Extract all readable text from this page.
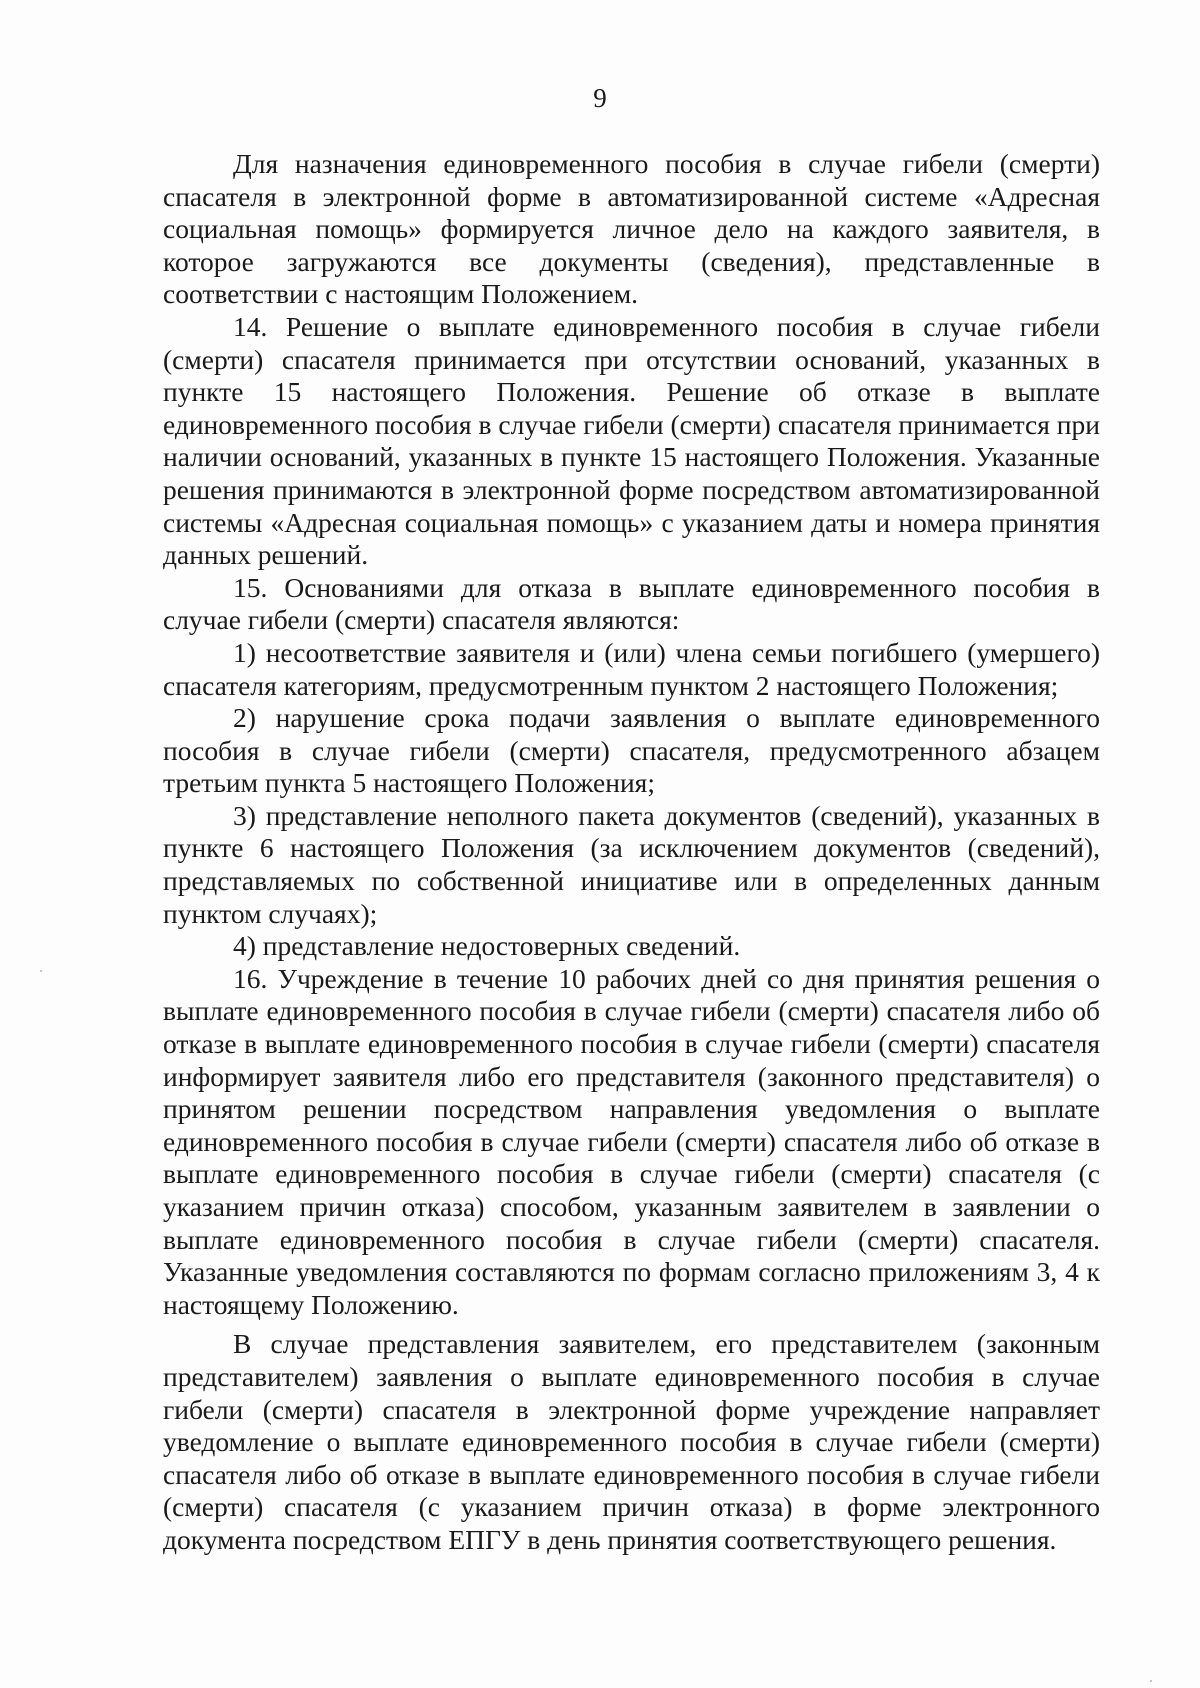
9

Для назначения единовременного пособия в случае гибели (смерти) спасателя в электронной форме в автоматизированной системе «Адресная социальная помощь» формируется личное дело на каждого заявителя, в которое загружаются все документы (сведения), представленные в соответствии с настоящим Положением.

14. Решение о выплате единовременного пособия в случае гибели (смерти) спасателя принимается при отсутствии оснований, указанных в пункте 15 настоящего Положения. Решение об отказе в выплате единовременного пособия в случае гибели (смерти) спасателя принимается при наличии оснований, указанных в пункте 15 настоящего Положения. Указанные решения принимаются в электронной форме посредством автоматизированной системы «Адресная социальная помощь» с указанием даты и номера принятия данных решений.

15. Основаниями для отказа в выплате единовременного пособия в случае гибели (смерти) спасателя являются:

1) несоответствие заявителя и (или) члена семьи погибшего (умершего) спасателя категориям, предусмотренным пунктом 2 настоящего Положения;

2) нарушение срока подачи заявления о выплате единовременного пособия в случае гибели (смерти) спасателя, предусмотренного абзацем третьим пункта 5 настоящего Положения;

3) представление неполного пакета документов (сведений), указанных в пункте 6 настоящего Положения (за исключением документов (сведений), представляемых по собственной инициативе или в определенных данным пунктом случаях);

4) представление недостоверных сведений.

16. Учреждение в течение 10 рабочих дней со дня принятия решения о выплате единовременного пособия в случае гибели (смерти) спасателя либо об отказе в выплате единовременного пособия в случае гибели (смерти) спасателя информирует заявителя либо его представителя (законного представителя) о принятом решении посредством направления уведомления о выплате единовременного пособия в случае гибели (смерти) спасателя либо об отказе в выплате единовременного пособия в случае гибели (смерти) спасателя (с указанием причин отказа) способом, указанным заявителем в заявлении о выплате единовременного пособия в случае гибели (смерти) спасателя. Указанные уведомления составляются по формам согласно приложениям 3, 4 к настоящему Положению.

В случае представления заявителем, его представителем (законным представителем) заявления о выплате единовременного пособия в случае гибели (смерти) спасателя в электронной форме учреждение направляет уведомление о выплате единовременного пособия в случае гибели (смерти) спасателя либо об отказе в выплате единовременного пособия в случае гибели (смерти) спасателя (с указанием причин отказа) в форме электронного документа посредством ЕПГУ в день принятия соответствующего решения.
